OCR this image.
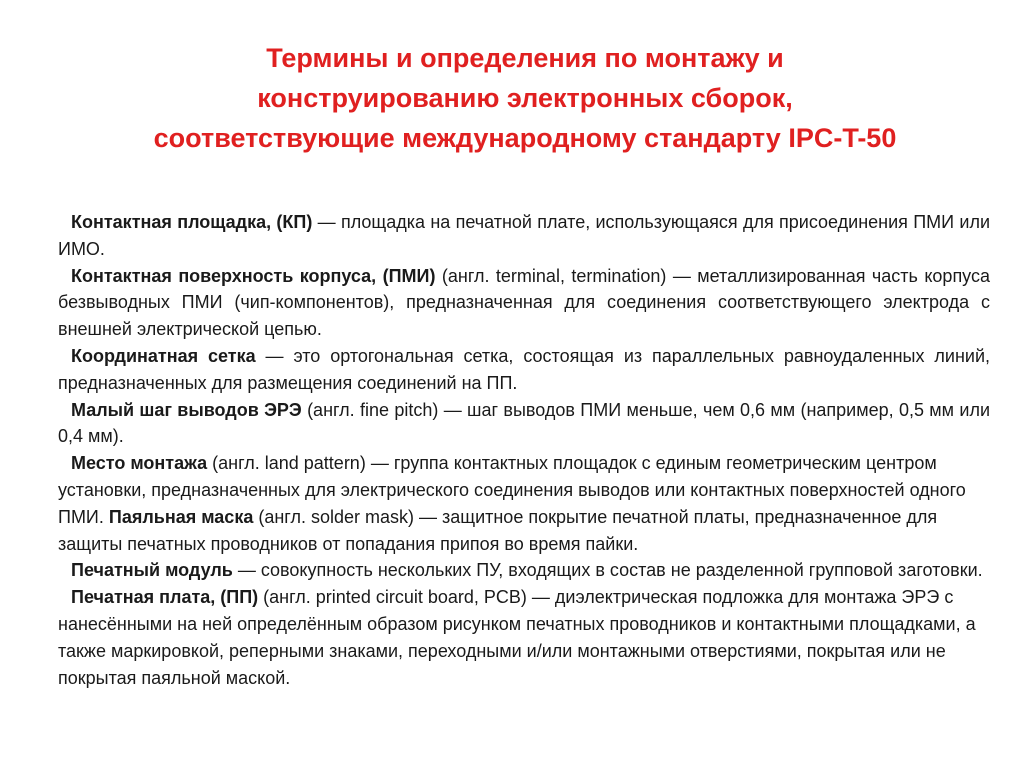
Термины и определения по монтажу и
конструированию электронных сборок,
соответствующие международному стандарту IPC-T-50

Контактная площадка, (КП) — площадка на печатной плате, использующаяся для присоединения ПМИ или ИМО.

Контактная поверхность корпуса, (ПМИ) (англ. terminal, termination) — металлизированная часть корпуса безвыводных ПМИ (чип-компонентов), предназначенная для соединения соответствующего электрода с внешней электрической цепью.

Координатная сетка — это ортогональная сетка, состоящая из параллельных равноудаленных линий, предназначенных для размещения соединений на ПП.

Малый шаг выводов ЭРЭ (англ. fine pitch) — шаг выводов ПМИ меньше, чем 0,6 мм (например, 0,5 мм или 0,4 мм).

Место монтажа (англ. land pattern) — группа контактных площадок с единым геометрическим центром установки, предназначенных для электрического соединения выводов или контактных поверхностей одного ПМИ. Паяльная маска (англ. solder mask) — защитное покрытие печатной платы, предназначенное для защиты печатных проводников от попадания припоя во время пайки.

Печатный модуль — совокупность нескольких ПУ, входящих в состав не разделенной групповой заготовки.

Печатная плата, (ПП) (англ. printed circuit board, PCB) — диэлектрическая подложка для монтажа ЭРЭ с нанесёнными на ней определённым образом рисунком печатных проводников и контактными площадками, а также маркировкой, реперными знаками, переходными и/или монтажными отверстиями, покрытая или не покрытая паяльной маской.
